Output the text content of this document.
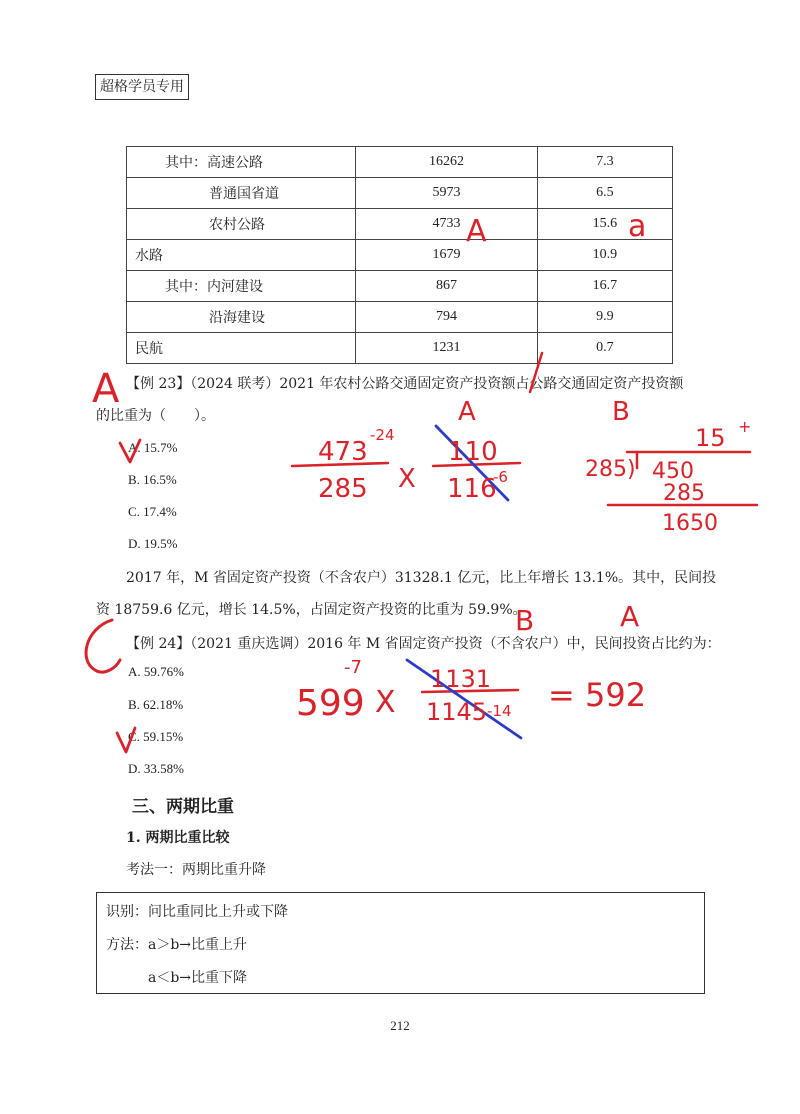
超格学员专用
其中：高速公路	16262	7.3
普通国省道	5973	6.5
农村公路	4733	15.6
水路	1679	10.9
其中：内河建设	867	16.7
沿海建设	794	9.9
民航	1231	0.7
【例 23】（2024 联考）2021 年农村公路交通固定资产投资额占公路交通固定资产投资额
的比重为（　　）。
A. 15.7%
B. 16.5%
C. 17.4%
D. 19.5%
2017 年，M 省固定资产投资（不含农户）31328.1 亿元，比上年增长 13.1%。其中，民间投
资 18759.6 亿元，增长 14.5%，占固定资产投资的比重为 59.9%。
【例 24】（2021 重庆选调）2016 年 M 省固定资产投资（不含农户）中，民间投资占比约为：
A. 59.76%
B. 62.18%
C. 59.15%
D. 33.58%
三、两期比重
1. 两期比重比较
考法一：两期比重升降
识别：问比重同比上升或下降
方法：a＞b→比重上升
a＜b→比重下降
212
A	a
A	A	B
B	A
473
-24
285 X
110
116
-6
15 +
285) 450
285
1650
599
-7
X
1131
1145 -14 = 592
